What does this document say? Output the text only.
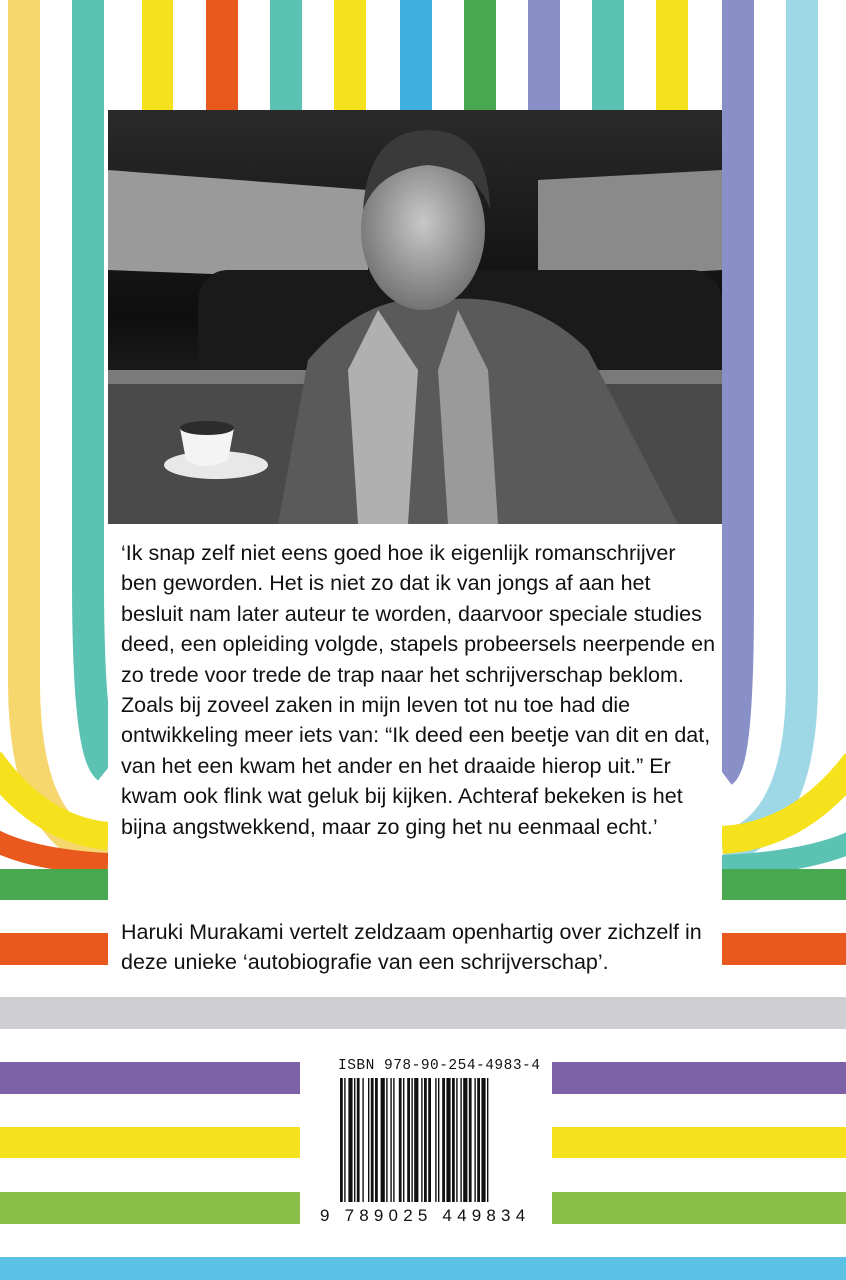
‘Ik snap zelf niet eens goed hoe ik eigenlijk romanschrijver ben geworden. Het is niet zo dat ik van jongs af aan het besluit nam later auteur te worden, daarvoor speciale studies deed, een opleiding volgde, stapels probeersels neerpende en zo trede voor trede de trap naar het schrijverschap beklom. Zoals bij zoveel zaken in mijn leven tot nu toe had die ontwikkeling meer iets van: “Ik deed een beetje van dit en dat, van het een kwam het ander en het draaide hierop uit.” Er kwam ook flink wat geluk bij kijken. Achteraf bekeken is het bijna angstwekkend, maar zo ging het nu eenmaal echt.’

Haruki Murakami vertelt zeldzaam openhartig over zichzelf in deze unieke ‘autobiografie van een schrijverschap’.

ISBN 978-90-254-4983-4
9 789025 449834
